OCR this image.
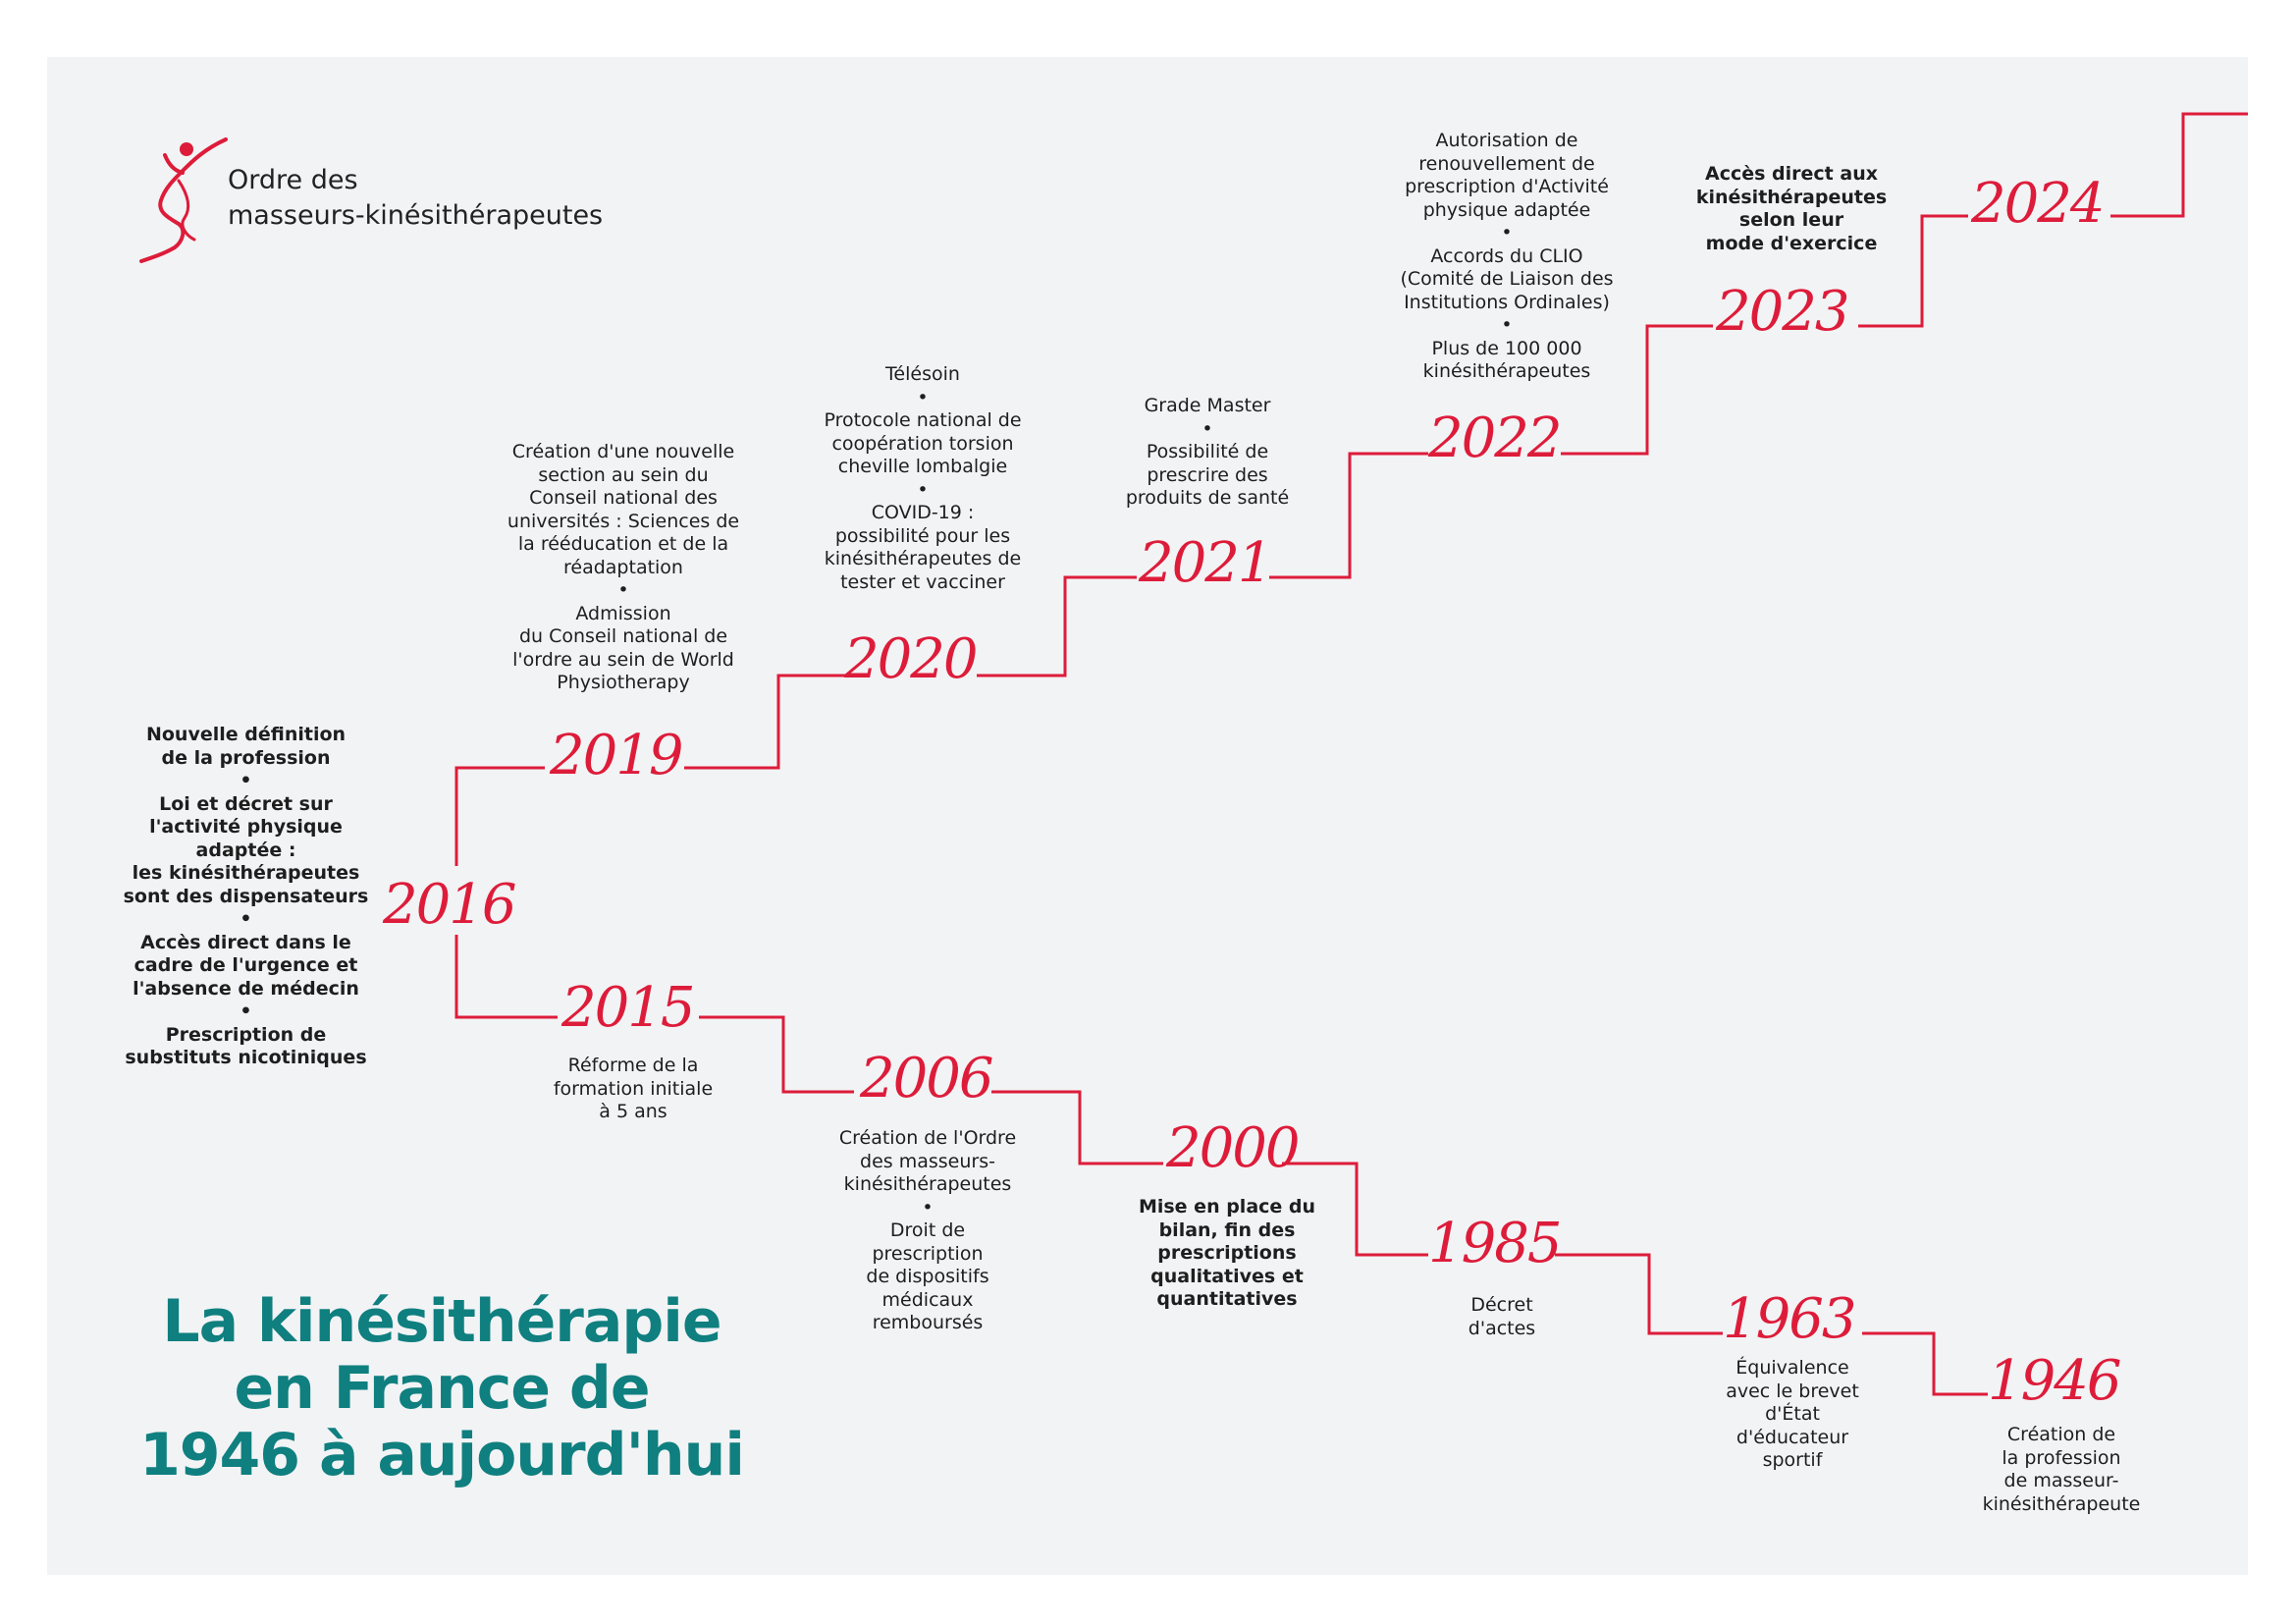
2016
2015
2006
2000
1985
1963
1946
2019
2020
2021
2022
2023
2024
Ordre des
masseurs-kinésithérapeutes
Nouvelle définition
de la profession
•
Loi et décret sur
l'activité physique
adaptée :
les kinésithérapeutes
sont des dispensateurs
•
Accès direct dans le
cadre de l'urgence et
l'absence de médecin
•
Prescription de
substituts nicotiniques	Réforme de la
formation initiale
à 5 ans
Création de l'Ordre
des masseurs-
kinésithérapeutes
•
Droit de
prescription
de dispositifs
médicaux
remboursés
Mise en place du
bilan, fin des
prescriptions
qualitatives et
quantitatives	Décret
d'actes
Équivalence
avec le brevet
d'État
d'éducateur
sportif
Création de
la profession
de masseur-
kinésithérapeute
Création d'une nouvelle
section au sein du
Conseil national des
universités : Sciences de
la rééducation et de la
réadaptation
•
Admission
du Conseil national de
l'ordre au sein de World
Physiotherapy
Télésoin
•
Protocole national de
coopération torsion
cheville lombalgie
•
COVID-19 :
possibilité pour les
kinésithérapeutes de
tester et vacciner
Grade Master
•
Possibilité de
prescrire des
produits de santé
Autorisation de
renouvellement de
prescription d'Activité
physique adaptée
•
Accords du CLIO
(Comité de Liaison des
Institutions Ordinales)
•
Plus de 100 000
kinésithérapeutes
Accès direct aux
kinésithérapeutes
selon leur
mode d'exercice
La kinésithérapie
en France de
1946 à aujourd'hui
